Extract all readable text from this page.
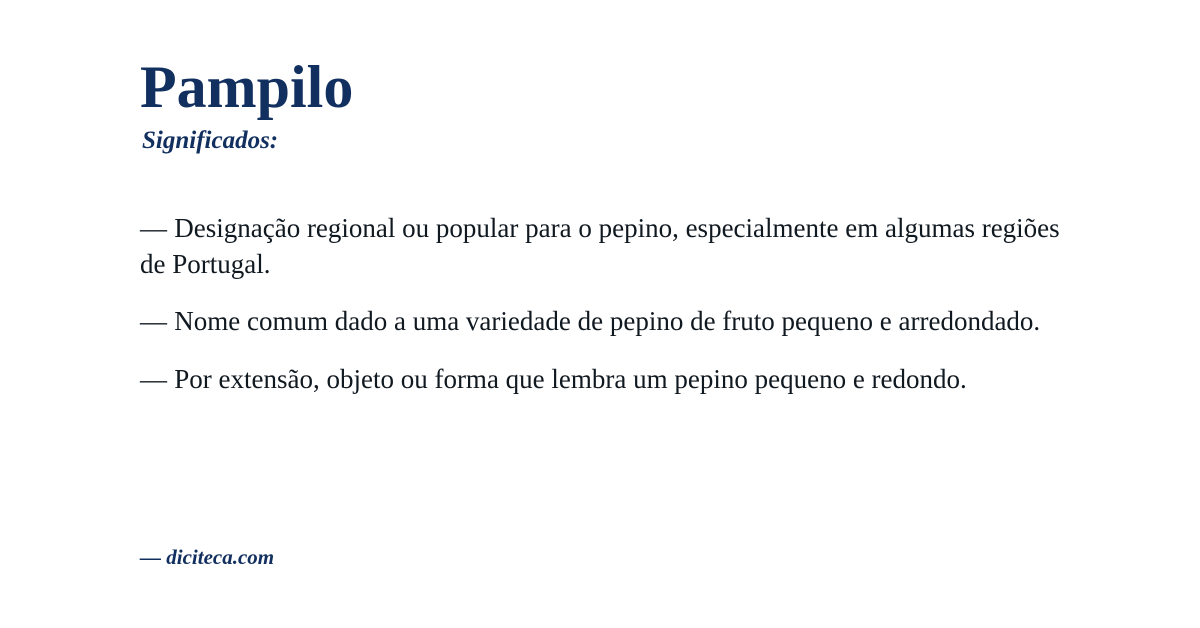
Pampilo
Significados:

— Designação regional ou popular para o pepino, especialmente em algumas regiões de Portugal.

— Nome comum dado a uma variedade de pepino de fruto pequeno e arredondado.

— Por extensão, objeto ou forma que lembra um pepino pequeno e redondo.

— diciteca.com
